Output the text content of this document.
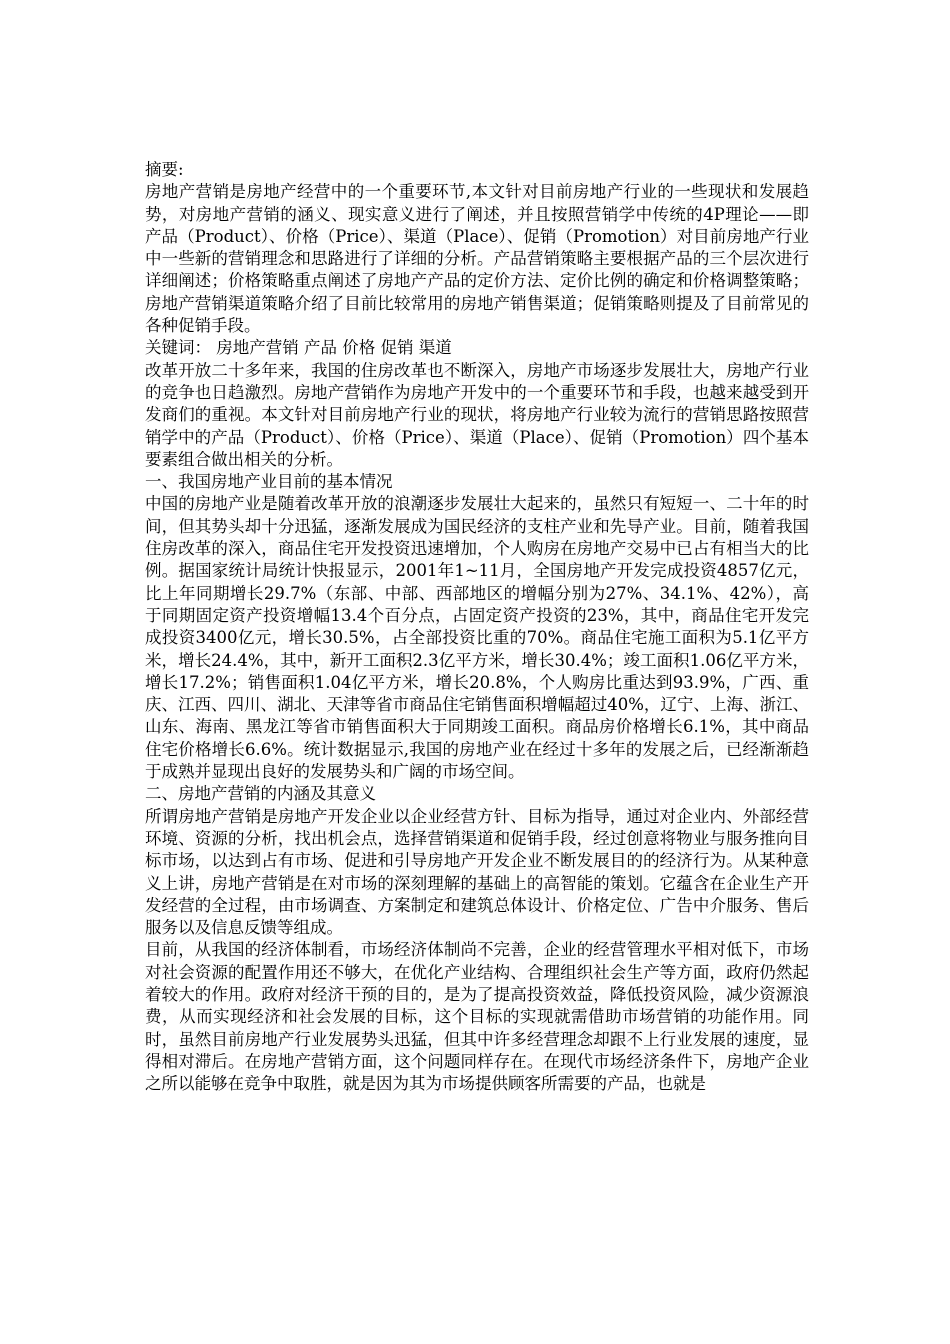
摘要:

房地产营销是房地产经营中的一个重要环节,本文针对目前房地产行业的一些现状和发展趋势，对房地产营销的涵义、现实意义进行了阐述，并且按照营销学中传统的4P理论——即产品（Product）、价格（Price）、渠道（Place）、促销（Promotion）对目前房地产行业中一些新的营销理念和思路进行了详细的分析。产品营销策略主要根据产品的三个层次进行详细阐述；价格策略重点阐述了房地产产品的定价方法、定价比例的确定和价格调整策略；房地产营销渠道策略介绍了目前比较常用的房地产销售渠道；促销策略则提及了目前常见的各种促销手段。

关键词： 房地产营销 产品 价格 促销 渠道

改革开放二十多年来，我国的住房改革也不断深入，房地产市场逐步发展壮大，房地产行业的竞争也日趋激烈。房地产营销作为房地产开发中的一个重要环节和手段，也越来越受到开发商们的重视。本文针对目前房地产行业的现状，将房地产行业较为流行的营销思路按照营销学中的产品（Product）、价格（Price）、渠道（Place）、促销（Promotion）四个基本要素组合做出相关的分析。

一、我国房地产业目前的基本情况

中国的房地产业是随着改革开放的浪潮逐步发展壮大起来的，虽然只有短短一、二十年的时间，但其势头却十分迅猛，逐渐发展成为国民经济的支柱产业和先导产业。目前，随着我国住房改革的深入，商品住宅开发投资迅速增加，个人购房在房地产交易中已占有相当大的比例。据国家统计局统计快报显示，2001年1~11月，全国房地产开发完成投资4857亿元，比上年同期增长29.7%（东部、中部、西部地区的增幅分别为27%、34.1%、42%），高于同期固定资产投资增幅13.4个百分点，占固定资产投资的23%，其中，商品住宅开发完成投资3400亿元，增长30.5%，占全部投资比重的70%。商品住宅施工面积为5.1亿平方米，增长24.4%，其中，新开工面积2.3亿平方米，增长30.4%；竣工面积1.06亿平方米，增长17.2%；销售面积1.04亿平方米，增长20.8%，个人购房比重达到93.9%，广西、重庆、江西、四川、湖北、天津等省市商品住宅销售面积增幅超过40%，辽宁、上海、浙江、山东、海南、黑龙江等省市销售面积大于同期竣工面积。商品房价格增长6.1%，其中商品住宅价格增长6.6%。统计数据显示,我国的房地产业在经过十多年的发展之后，已经渐渐趋于成熟并显现出良好的发展势头和广阔的市场空间。

二、房地产营销的内涵及其意义

所谓房地产营销是房地产开发企业以企业经营方针、目标为指导，通过对企业内、外部经营环境、资源的分析，找出机会点，选择营销渠道和促销手段，经过创意将物业与服务推向目标市场，以达到占有市场、促进和引导房地产开发企业不断发展目的的经济行为。从某种意义上讲，房地产营销是在对市场的深刻理解的基础上的高智能的策划。它蕴含在企业生产开发经营的全过程，由市场调查、方案制定和建筑总体设计、价格定位、广告中介服务、售后服务以及信息反馈等组成。

目前，从我国的经济体制看，市场经济体制尚不完善，企业的经营管理水平相对低下，市场对社会资源的配置作用还不够大，在优化产业结构、合理组织社会生产等方面，政府仍然起着较大的作用。政府对经济干预的目的，是为了提高投资效益，降低投资风险，减少资源浪费，从而实现经济和社会发展的目标，这个目标的实现就需借助市场营销的功能作用。同时，虽然目前房地产行业发展势头迅猛，但其中许多经营理念却跟不上行业发展的速度，显得相对滞后。在房地产营销方面，这个问题同样存在。在现代市场经济条件下，房地产企业之所以能够在竞争中取胜，就是因为其为市场提供顾客所需要的产品，也就是
